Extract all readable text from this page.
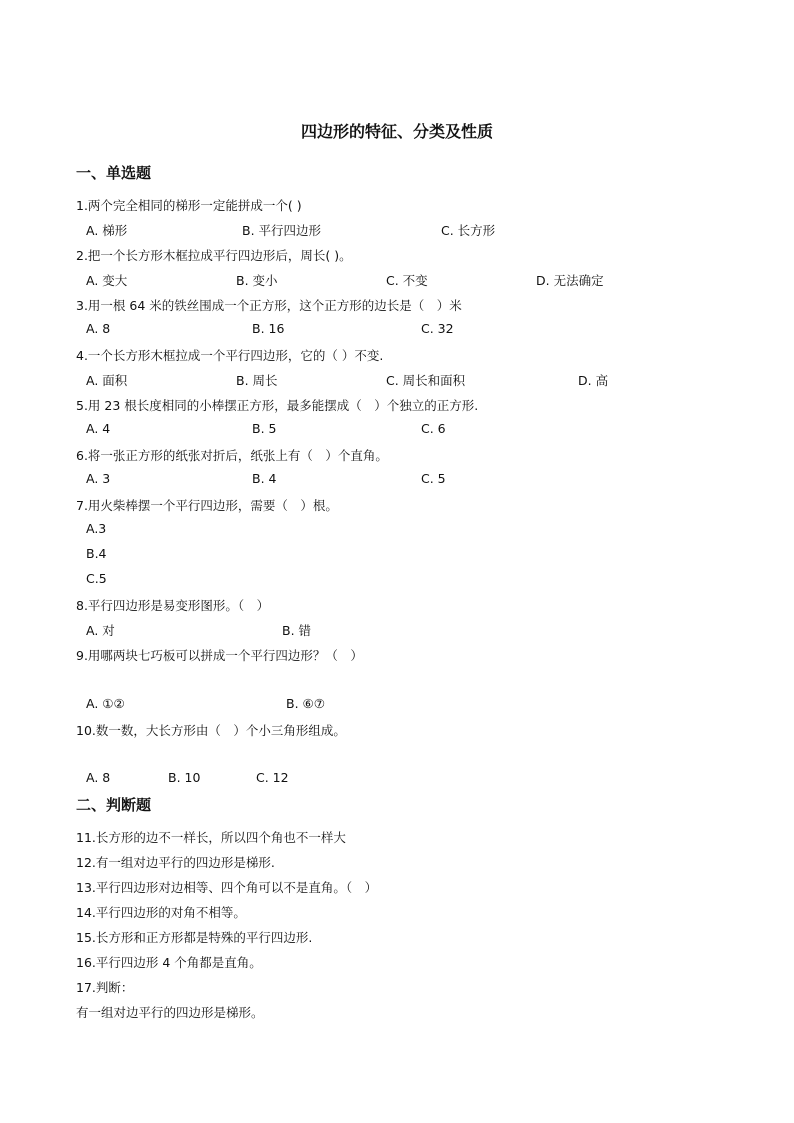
四边形的特征、分类及性质
一、单选题
1.两个完全相同的梯形一定能拼成一个( )
A. 梯形	B. 平行四边形	C. 长方形
2.把一个长方形木框拉成平行四边形后，周长( )。
A. 变大	B. 变小	C. 不变	D. 无法确定
3.用一根 64 米的铁丝围成一个正方形，这个正方形的边长是（　）米
A. 8	B. 16	C. 32
4.一个长方形木框拉成一个平行四边形，它的（ ）不变.
A. 面积	B. 周长	C. 周长和面积	D. 高
5.用 23 根长度相同的小棒摆正方形，最多能摆成（　）个独立的正方形.
A. 4	B. 5	C. 6
6.将一张正方形的纸张对折后，纸张上有（　）个直角。
A. 3	B. 4	C. 5
7.用火柴棒摆一个平行四边形，需要（　）根。
A.3
B.4
C.5
8.平行四边形是易变形图形。（　）
A. 对	B. 错
9.用哪两块七巧板可以拼成一个平行四边形？（　）
A. ①②	B. ⑥⑦
10.数一数，大长方形由（　）个小三角形组成。
A. 8	B. 10	C. 12
二、判断题
11.长方形的边不一样长，所以四个角也不一样大
12.有一组对边平行的四边形是梯形.
13.平行四边形对边相等、四个角可以不是直角。（　）
14.平行四边形的对角不相等。
15.长方形和正方形都是特殊的平行四边形.
16.平行四边形 4 个角都是直角。
17.判断：
有一组对边平行的四边形是梯形。
